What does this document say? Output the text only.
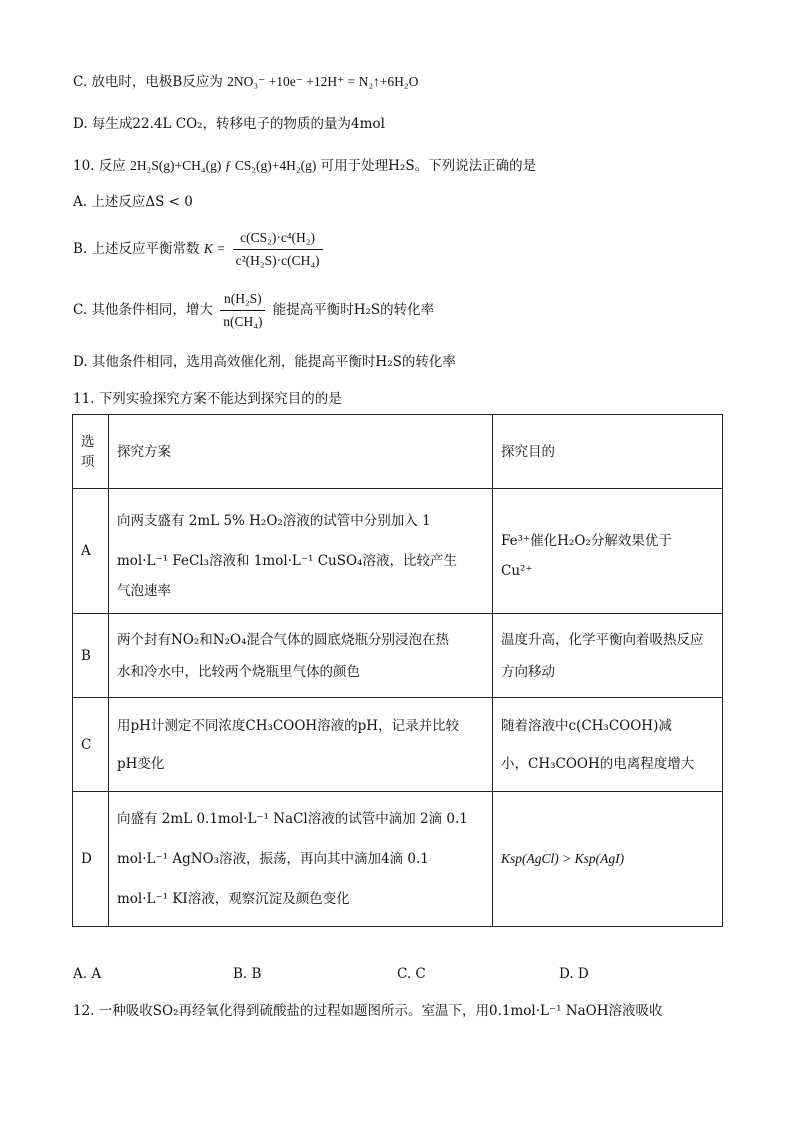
C. 放电时，电极B反应为 2NO₃⁻ +10e⁻ +12H⁺ = N₂↑+6H₂O
D. 每生成22.4L CO₂，转移电子的物质的量为4mol
10. 反应 2H₂S(g)+CH₄(g) ƒ CS₂(g)+4H₂(g) 可用于处理H₂S。下列说法正确的是
A. 上述反应ΔS < 0
B. 上述反应平衡常数 $K = \frac{\text{c(CS₂)·c⁴(H₂)}}{\text{c²(H₂S)·c(CH₄)}}$
C. 其他条件相同，增大 $\frac{\text{n(H₂S)}}{\text{n(CH₄)}}$ 能提高平衡时H₂S的转化率
D. 其他条件相同，选用高效催化剂，能提高平衡时H₂S的转化率
11. 下列实验探究方案不能达到探究目的的是
选项	探究方案	探究目的
A	向两支盛有 2mL 5% H₂O₂溶液的试管中分别加入 1
mol·L⁻¹ FeCl₃溶液和 1mol·L⁻¹ CuSO₄溶液，比较产生
气泡速率	Fe³⁺催化H₂O₂分解效果优于
Cu²⁺

B	两个封有NO₂和N₂O₄混合气体的圆底烧瓶分别浸泡在热
水和冷水中，比较两个烧瓶里气体的颜色	温度升高，化学平衡向着吸热反应
方向移动

C	用pH计测定不同浓度CH₃COOH溶液的pH，记录并比较
pH变化	随着溶液中c(CH₃COOH)减
小，CH₃COOH的电离程度增大

D	向盛有 2mL 0.1mol·L⁻¹ NaCl溶液的试管中滴加 2滴 0.1
mol·L⁻¹ AgNO₃溶液，振荡，再向其中滴加4滴 0.1
mol·L⁻¹ KI溶液，观察沉淀及颜色变化	Ksp(AgCl) > Ksp(AgI)
A. A	B. B	C. C	D. D
12. 一种吸收SO₂再经氧化得到硫酸盐的过程如题图所示。室温下，用0.1mol·L⁻¹ NaOH溶液吸收
